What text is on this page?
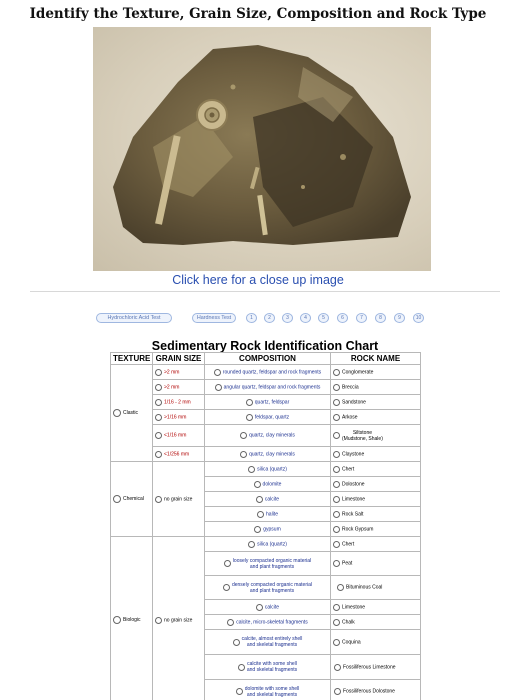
Identify the Texture, Grain Size, Composition and Rock Type
Click here for a close up image
Hydrochloric Acid Test	Hardness Test	1	2	3	4	5	6	7	8	9	10
Sedimentary Rock Identification Chart
TEXTURE	GRAIN SIZE	COMPOSITION	ROCK NAME
Clastic	>2 mm	rounded quartz, feldspar and rock fragments	Conglomerate
	>2 mm	angular quartz, feldspar and rock fragments	Breccia
	1/16 - 2 mm	quartz, feldspar	Sandstone
	>1/16 mm	feldspar, quartz	Arkose
	<1/16 mm	quartz, clay minerals	Siltstone
(Mudstone, Shale)
	<1/256 mm	quartz, clay minerals	Claystone
Chemical	no grain size	silica (quartz)	Chert
		dolomite	Dolostone
		calcite	Limestone
		halite	Rock Salt
		gypsum	Rock Gypsum
Biologic	no grain size	silica (quartz)	Chert
		loosely compacted organic material
and plant fragments	Peat
		densely compacted organic material
and plant fragments	Bituminous Coal
		calcite	Limestone
		calcite, micro-skeletal fragments	Chalk
		calcite, almost entirely shell
and skeletal fragments	Coquina
		calcite with some shell
and skeletal fragments	Fossiliferous Limestone
		dolomite with some shell
and skeletal fragments	Fossiliferous Dolostone
